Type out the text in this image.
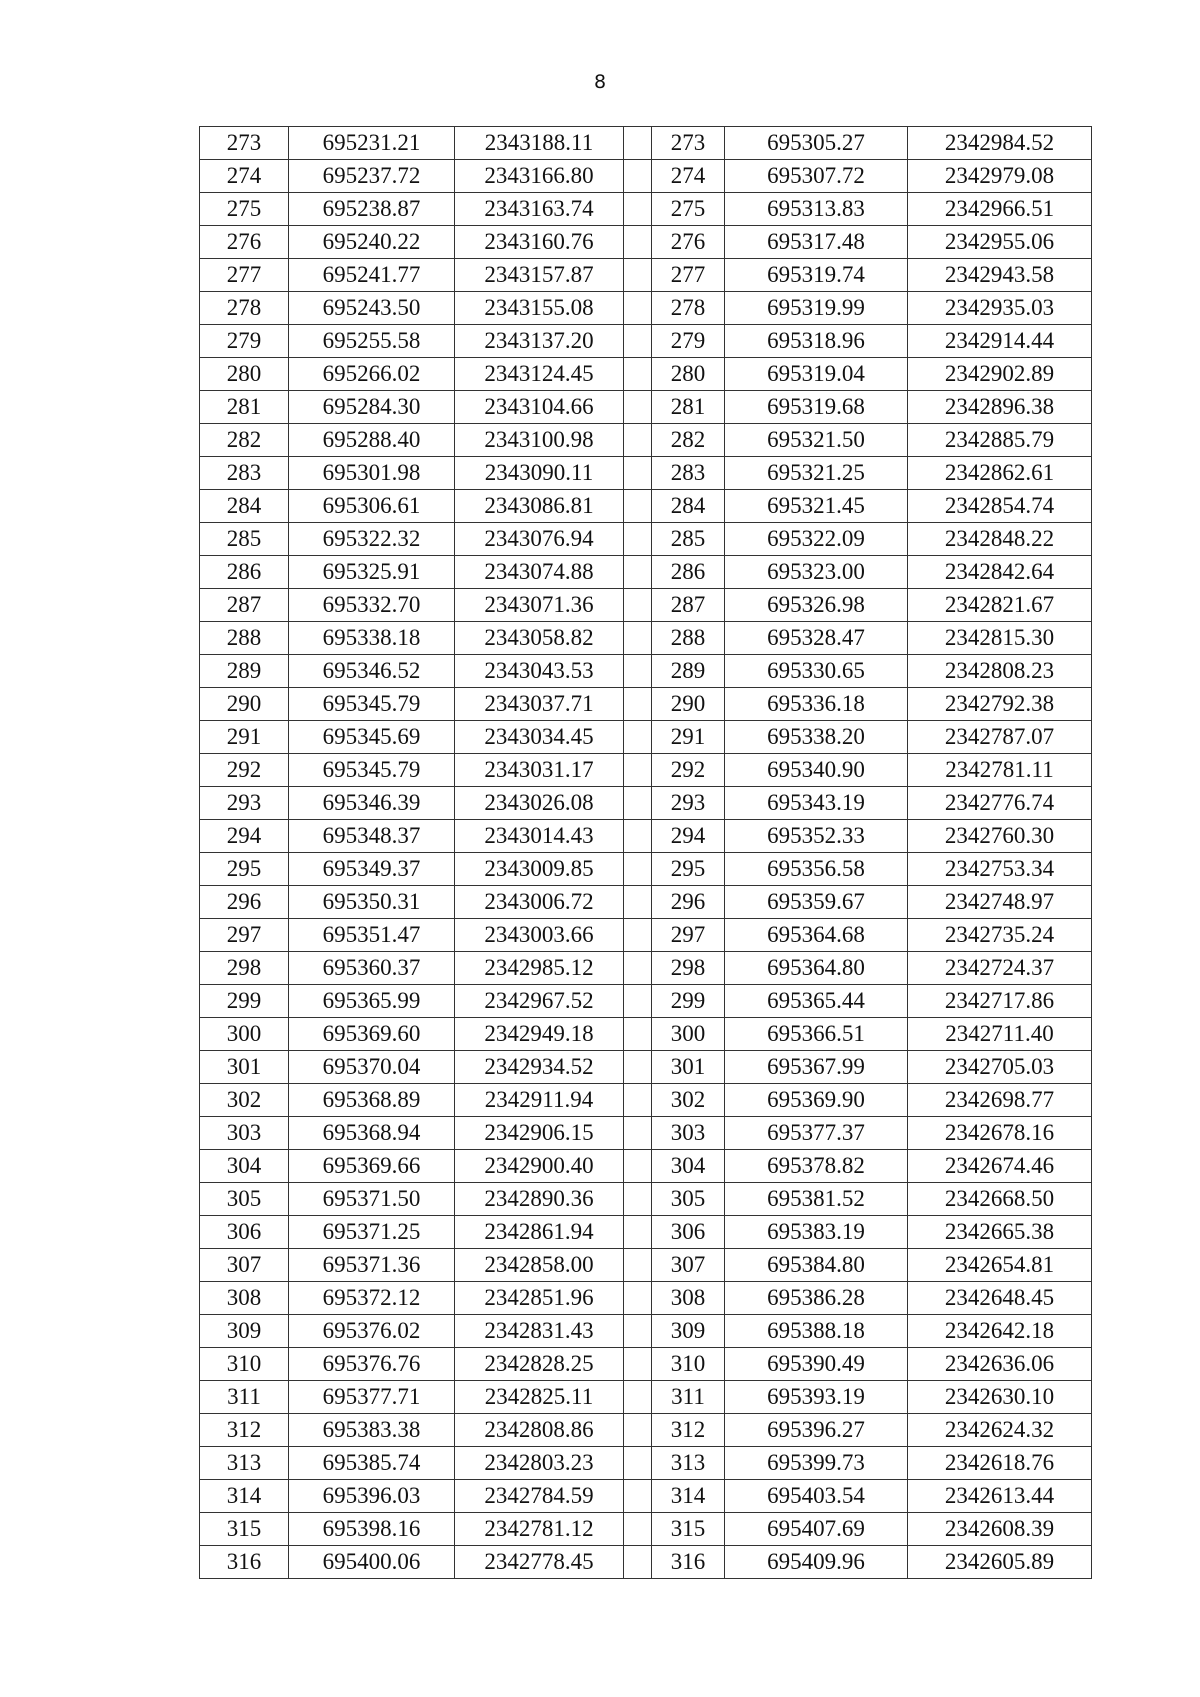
8
273	695231.21	2343188.11		273	695305.27	2342984.52
274	695237.72	2343166.80		274	695307.72	2342979.08
275	695238.87	2343163.74		275	695313.83	2342966.51
276	695240.22	2343160.76		276	695317.48	2342955.06
277	695241.77	2343157.87		277	695319.74	2342943.58
278	695243.50	2343155.08		278	695319.99	2342935.03
279	695255.58	2343137.20		279	695318.96	2342914.44
280	695266.02	2343124.45		280	695319.04	2342902.89
281	695284.30	2343104.66		281	695319.68	2342896.38
282	695288.40	2343100.98		282	695321.50	2342885.79
283	695301.98	2343090.11		283	695321.25	2342862.61
284	695306.61	2343086.81		284	695321.45	2342854.74
285	695322.32	2343076.94		285	695322.09	2342848.22
286	695325.91	2343074.88		286	695323.00	2342842.64
287	695332.70	2343071.36		287	695326.98	2342821.67
288	695338.18	2343058.82		288	695328.47	2342815.30
289	695346.52	2343043.53		289	695330.65	2342808.23
290	695345.79	2343037.71		290	695336.18	2342792.38
291	695345.69	2343034.45		291	695338.20	2342787.07
292	695345.79	2343031.17		292	695340.90	2342781.11
293	695346.39	2343026.08		293	695343.19	2342776.74
294	695348.37	2343014.43		294	695352.33	2342760.30
295	695349.37	2343009.85		295	695356.58	2342753.34
296	695350.31	2343006.72		296	695359.67	2342748.97
297	695351.47	2343003.66		297	695364.68	2342735.24
298	695360.37	2342985.12		298	695364.80	2342724.37
299	695365.99	2342967.52		299	695365.44	2342717.86
300	695369.60	2342949.18		300	695366.51	2342711.40
301	695370.04	2342934.52		301	695367.99	2342705.03
302	695368.89	2342911.94		302	695369.90	2342698.77
303	695368.94	2342906.15		303	695377.37	2342678.16
304	695369.66	2342900.40		304	695378.82	2342674.46
305	695371.50	2342890.36		305	695381.52	2342668.50
306	695371.25	2342861.94		306	695383.19	2342665.38
307	695371.36	2342858.00		307	695384.80	2342654.81
308	695372.12	2342851.96		308	695386.28	2342648.45
309	695376.02	2342831.43		309	695388.18	2342642.18
310	695376.76	2342828.25		310	695390.49	2342636.06
311	695377.71	2342825.11		311	695393.19	2342630.10
312	695383.38	2342808.86		312	695396.27	2342624.32
313	695385.74	2342803.23		313	695399.73	2342618.76
314	695396.03	2342784.59		314	695403.54	2342613.44
315	695398.16	2342781.12		315	695407.69	2342608.39
316	695400.06	2342778.45		316	695409.96	2342605.89
